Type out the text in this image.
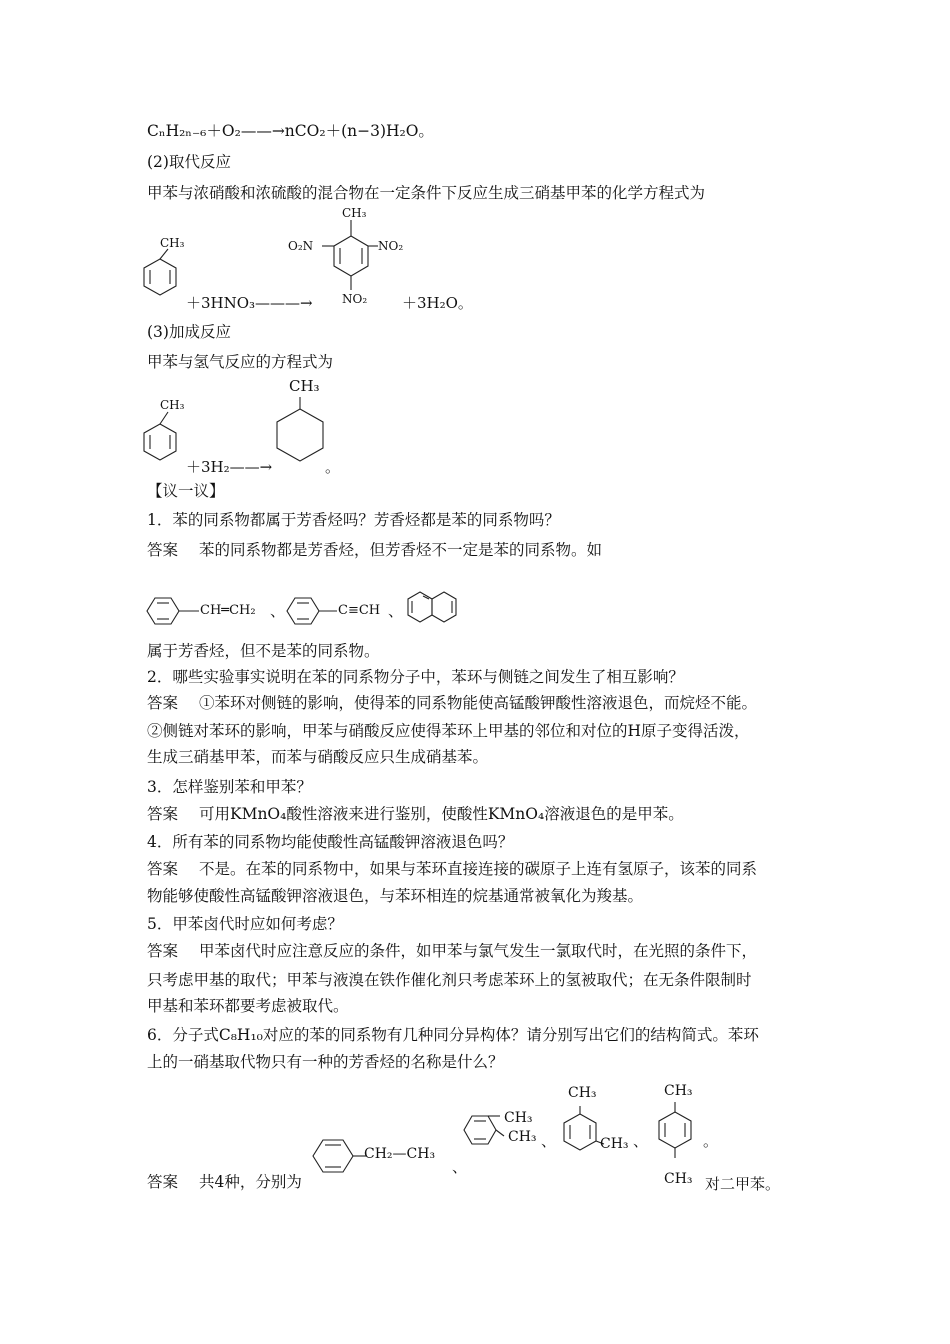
CₙH₂ₙ₋₆＋O₂——→nCO₂＋(n−3)H₂O。
(2)取代反应
甲苯与浓硝酸和浓硫酸的混合物在一定条件下反应生成三硝基甲苯的化学方程式为
CH₃
＋3HNO₃———→
CH₃
O₂N	NO₂
NO₂ ＋3H₂O。
(3)加成反应
甲苯与氢气反应的方程式为
CH₃
＋3H₂——→
CH₃
。
【议一议】
1．苯的同系物都属于芳香烃吗？芳香烃都是苯的同系物吗？
答案 苯的同系物都是芳香烃，但芳香烃不一定是苯的同系物。如
CH═CH₂ 、	C≡CH 、
属于芳香烃，但不是苯的同系物。
2．哪些实验事实说明在苯的同系物分子中，苯环与侧链之间发生了相互影响？
答案 ①苯环对侧链的影响，使得苯的同系物能使高锰酸钾酸性溶液退色，而烷烃不能。
②侧链对苯环的影响，甲苯与硝酸反应使得苯环上甲基的邻位和对位的H原子变得活泼，
生成三硝基甲苯，而苯与硝酸反应只生成硝基苯。
3．怎样鉴别苯和甲苯？
答案 可用KMnO₄酸性溶液来进行鉴别，使酸性KMnO₄溶液退色的是甲苯。
4．所有苯的同系物均能使酸性高锰酸钾溶液退色吗？
答案 不是。在苯的同系物中，如果与苯环直接连接的碳原子上连有氢原子，该苯的同系
物能够使酸性高锰酸钾溶液退色，与苯环相连的烷基通常被氧化为羧基。
5．甲苯卤代时应如何考虑？
答案 甲苯卤代时应注意反应的条件，如甲苯与氯气发生一氯取代时，在光照的条件下，
只考虑甲基的取代；甲苯与液溴在铁作催化剂只考虑苯环上的氢被取代；在无条件限制时
甲基和苯环都要考虑被取代。
6．分子式C₈H₁₀对应的苯的同系物有几种同分异构体？请分别写出它们的结构简式。苯环
上的一硝基取代物只有一种的芳香烃的名称是什么？
答案 共4种，分别为
CH₂—CH₃
、
CH₃
CH₃ 、
CH₃
CH₃ 、
CH₃
CH₃
。
对二甲苯。
